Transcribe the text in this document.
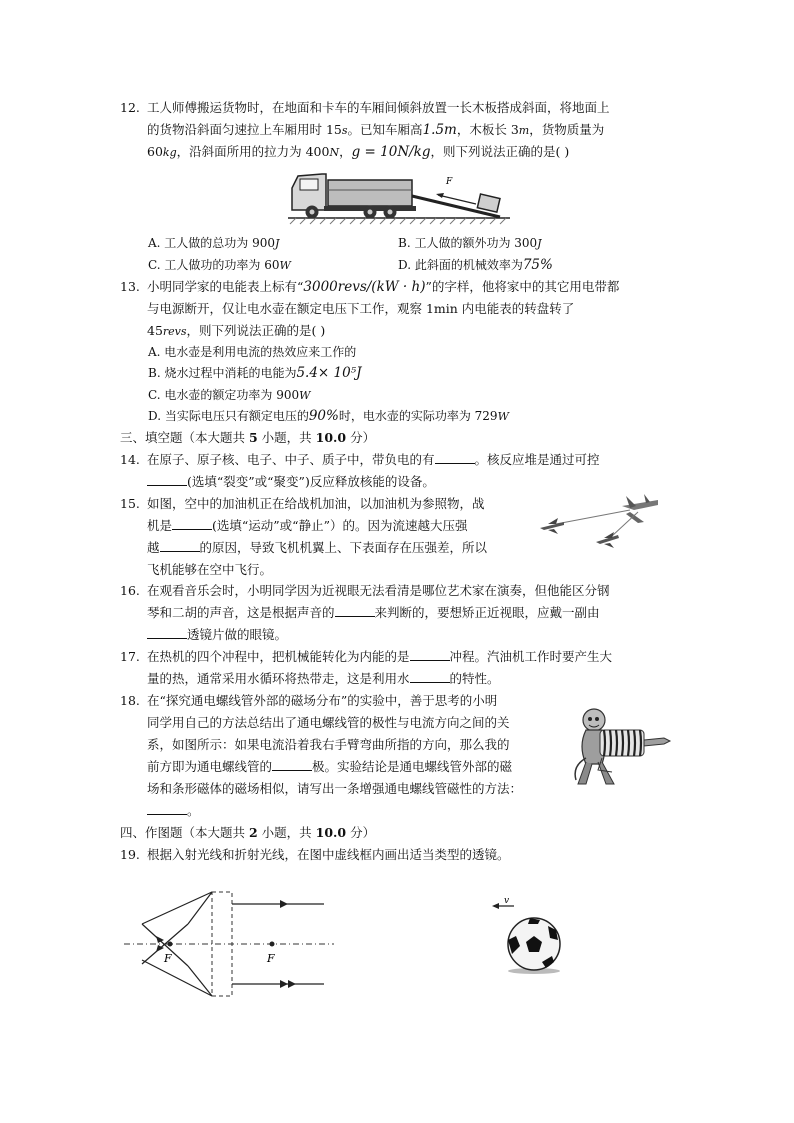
12. 工人师傅搬运货物时，在地面和卡车的车厢间倾斜放置一长木板搭成斜面，将地面上
的货物沿斜面匀速拉上车厢用时 15s。已知车厢高1.5m，木板长 3m，货物质量为
60kg，沿斜面所用的拉力为 400N，g = 10N/kg，则下列说法正确的是( )
F
A. 工人做的总功为 900J	B. 工人做的额外功为 300J
C. 工人做功的功率为 60W	D. 此斜面的机械效率为75%
13. 小明同学家的电能表上标有“3000revs/(kW · h)”的字样，他将家中的其它用电带都
与电源断开，仅让电水壶在额定电压下工作，观察 1min 内电能表的转盘转了
45revs，则下列说法正确的是( )
A. 电水壶是利用电流的热效应来工作的
B. 烧水过程中消耗的电能为5.4× 10⁵J
C. 电水壶的额定功率为 900W
D. 当实际电压只有额定电压的90%时，电水壶的实际功率为 729W
三、填空题（本大题共 5 小题，共 10.0 分）
14. 在原子、原子核、电子、中子、质子中，带负电的有	。核反应堆是通过可控
(选填“裂变”或“聚变”)反应释放核能的设备。
15. 如图，空中的加油机正在给战机加油，以加油机为参照物，战
机是	(选填“运动”或“静止”）的。因为流速越大压强
越	的原因，导致飞机机翼上、下表面存在压强差，所以
飞机能够在空中飞行。
16. 在观看音乐会时，小明同学因为近视眼无法看清是哪位艺术家在演奏，但他能区分钢
琴和二胡的声音，这是根据声音的	来判断的，要想矫正近视眼，应戴一副由
透镜片做的眼镜。
17. 在热机的四个冲程中，把机械能转化为内能的是	冲程。汽油机工作时要产生大
量的热，通常采用水循环将热带走，这是利用水	的特性。
18. 在“探究通电螺线管外部的磁场分布”的实验中，善于思考的小明
同学用自己的方法总结出了通电螺线管的极性与电流方向之间的关
系，如图所示：如果电流沿着我右手臂弯曲所指的方向，那么我的
前方即为通电螺线管的	极。实验结论是通电螺线管外部的磁
场和条形磁体的磁场相似，请写出一条增强通电螺线管磁性的方法：
。
四、作图题（本大题共 2 小题，共 10.0 分）
19. 根据入射光线和折射光线，在图中虚线框内画出适当类型的透镜。
F	F
v
